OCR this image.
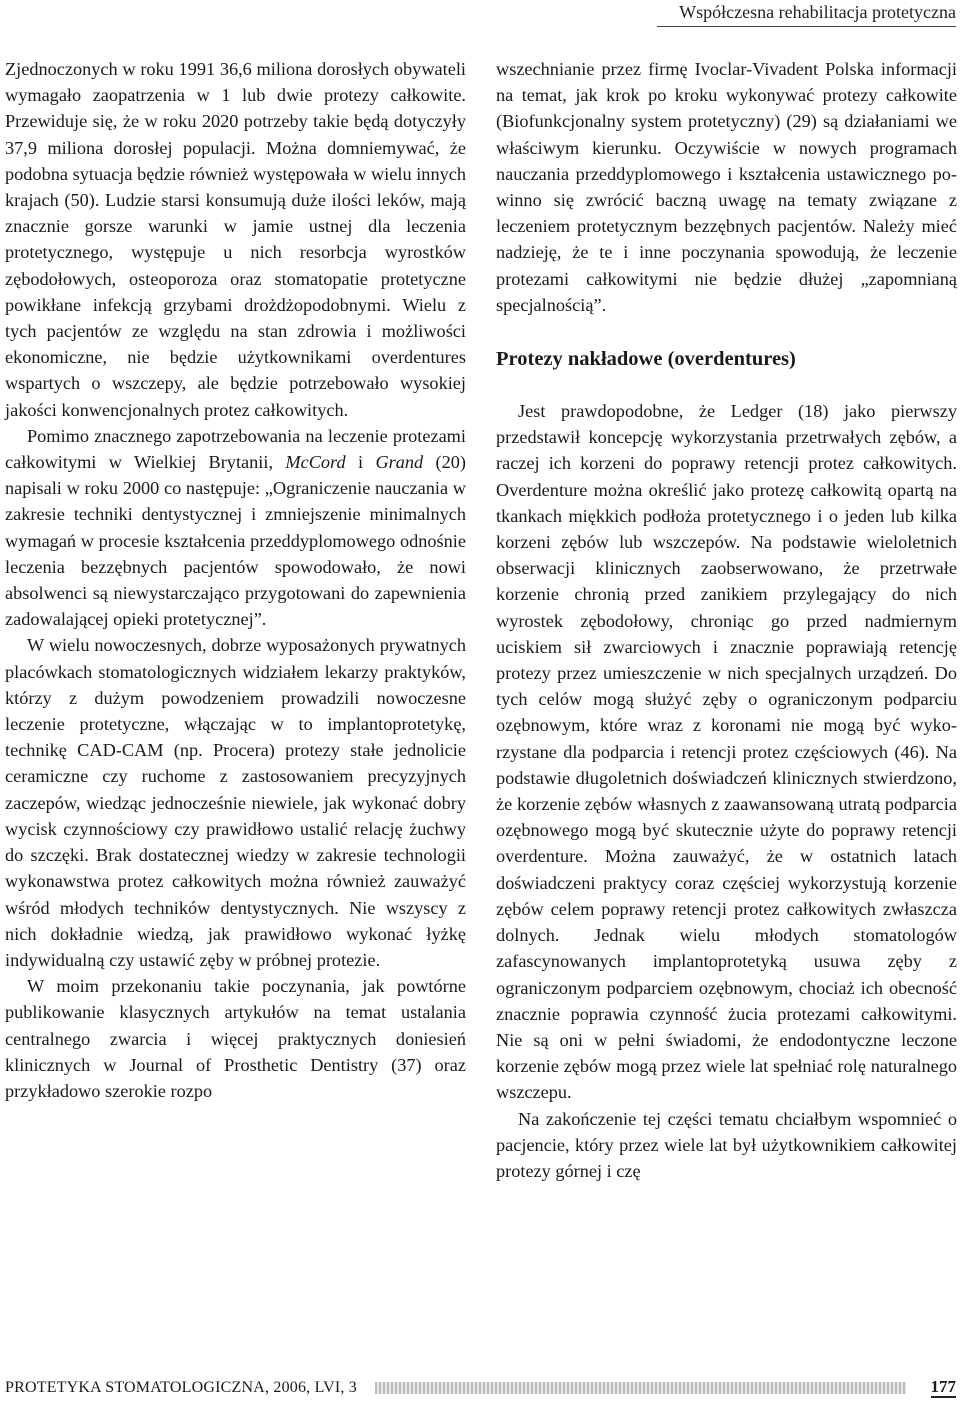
Współczesna rehabilitacja protetyczna

Zjednoczonych w roku 1991 36,6 miliona dorosłych obywateli wymagało zaopatrzenia w 1 lub dwie protezy całkowite. Przewiduje się, że w roku 2020 potrzeby takie będą dotyczyły 37,9 miliona dorosłej populacji. Można domniemywać, że podobna sytuacja będzie również występowała w wielu innych krajach (50). Ludzie starsi konsumują duże ilości leków, mają znacznie gorsze warunki w jamie ustnej dla leczenia protetycznego, występuje u nich resorbcja wyrostków zębodołowych, osteoporoza oraz stomatopatie protetyczne powikłane infekcją grzybami drożdżopodobnymi. Wielu z tych pacjentów ze względu na stan zdrowia i możliwości ekonomiczne, nie będzie użytkownikami overdentures wspartych o wszczepy, ale będzie potrzebowało wysokiej jakości konwencjonalnych protez całkowitych.

Pomimo znacznego zapotrzebowania na leczenie protezami całkowitymi w Wielkiej Brytanii, McCord i Grand (20) napisali w roku 2000 co następuje: „Ograniczenie nauczania w zakresie techniki dentystycznej i zmniejszenie minimalnych wymagań w procesie kształcenia przeddyplomowego odnośnie leczenia bezzębnych pacjentów spowodowało, że nowi absolwenci są niewystarczająco przygotowani do zapewnienia zadowalającej opieki protetycznej”.

W wielu nowoczesnych, dobrze wyposażonych prywatnych placówkach stomatologicznych widziałem lekarzy praktyków, którzy z dużym powodzeniem prowadzili nowoczesne leczenie protetyczne, włączając w to implantoprotetykę, technikę CAD-CAM (np. Procera) protezy stałe jednolicie ceramiczne czy ruchome z zastosowaniem precyzyjnych zaczepów, wiedząc jednocześnie niewiele, jak wykonać dobry wycisk czynnościowy czy prawidłowo ustalić relację żuchwy do szczęki. Brak dostatecznej wiedzy w zakresie technologii wykonawstwa protez całkowitych można również zauważyć wśród młodych techników dentystycznych. Nie wszyscy z nich dokładnie wiedzą, jak prawidłowo wykonać łyżkę indywidualną czy ustawić zęby w próbnej protezie.

W moim przekonaniu takie poczynania, jak powtórne publikowanie klasycznych artykułów na temat ustalania centralnego zwarcia i więcej praktycznych doniesień klinicznych w Journal of Prosthetic Dentistry (37) oraz przykładowo szerokie rozpo

wszechnianie przez firmę Ivoclar-Vivadent Polska informacji na temat, jak krok po kroku wykonywać protezy całkowite (Biofunkcjonalny system protetyczny) (29) są działaniami we właściwym kierunku. Oczywiście w nowych programach nauczania przeddyplomowego i kształcenia ustawicznego powinno się zwrócić baczną uwagę na tematy związane z leczeniem protetycznym bezzębnych pacjentów. Należy mieć nadzieję, że te i inne poczynania spowodują, że leczenie protezami całkowitymi nie będzie dłużej „zapomnianą specjalnością”.

Protezy nakładowe (overdentures)

Jest prawdopodobne, że Ledger (18) jako pierwszy przedstawił koncepcję wykorzystania przetrwałych zębów, a raczej ich korzeni do poprawy retencji protez całkowitych. Overdenture można określić jako protezę całkowitą opartą na tkankach miękkich podłoża protetycznego i o jeden lub kilka korzeni zębów lub wszczepów. Na podstawie wieloletnich obserwacji klinicznych zaobserwowano, że przetrwałe korzenie chronią przed zanikiem przylegający do nich wyrostek zębodołowy, chroniąc go przed nadmiernym uciskiem sił zwarciowych i znacznie poprawiają retencję protezy przez umieszczenie w nich specjalnych urządzeń. Do tych celów mogą służyć zęby o ograniczonym podparciu ozębnowym, które wraz z koronami nie mogą być wykorzystane dla podparcia i retencji protez częściowych (46). Na podstawie długoletnich doświadczeń klinicznych stwierdzono, że korzenie zębów własnych z zaawansowaną utratą podparcia ozębnowego mogą być skutecznie użyte do poprawy retencji overdenture. Można zauważyć, że w ostatnich latach doświadczeni praktycy coraz częściej wykorzystują korzenie zębów celem poprawy retencji protez całkowitych zwłaszcza dolnych. Jednak wielu młodych stomatologów zafascynowanych implantoprotetyką usuwa zęby z ograniczonym podparciem ozębnowym, chociaż ich obecność znacznie poprawia czynność żucia protezami całkowitymi. Nie są oni w pełni świadomi, że endodontyczne leczone korzenie zębów mogą przez wiele lat spełniać rolę naturalnego wszczepu.

Na zakończenie tej części tematu chciałbym wspomnieć o pacjencie, który przez wiele lat był użytkownikiem całkowitej protezy górnej i czę

PROTETYKA STOMATOLOGICZNA, 2006, LVI, 3	177
